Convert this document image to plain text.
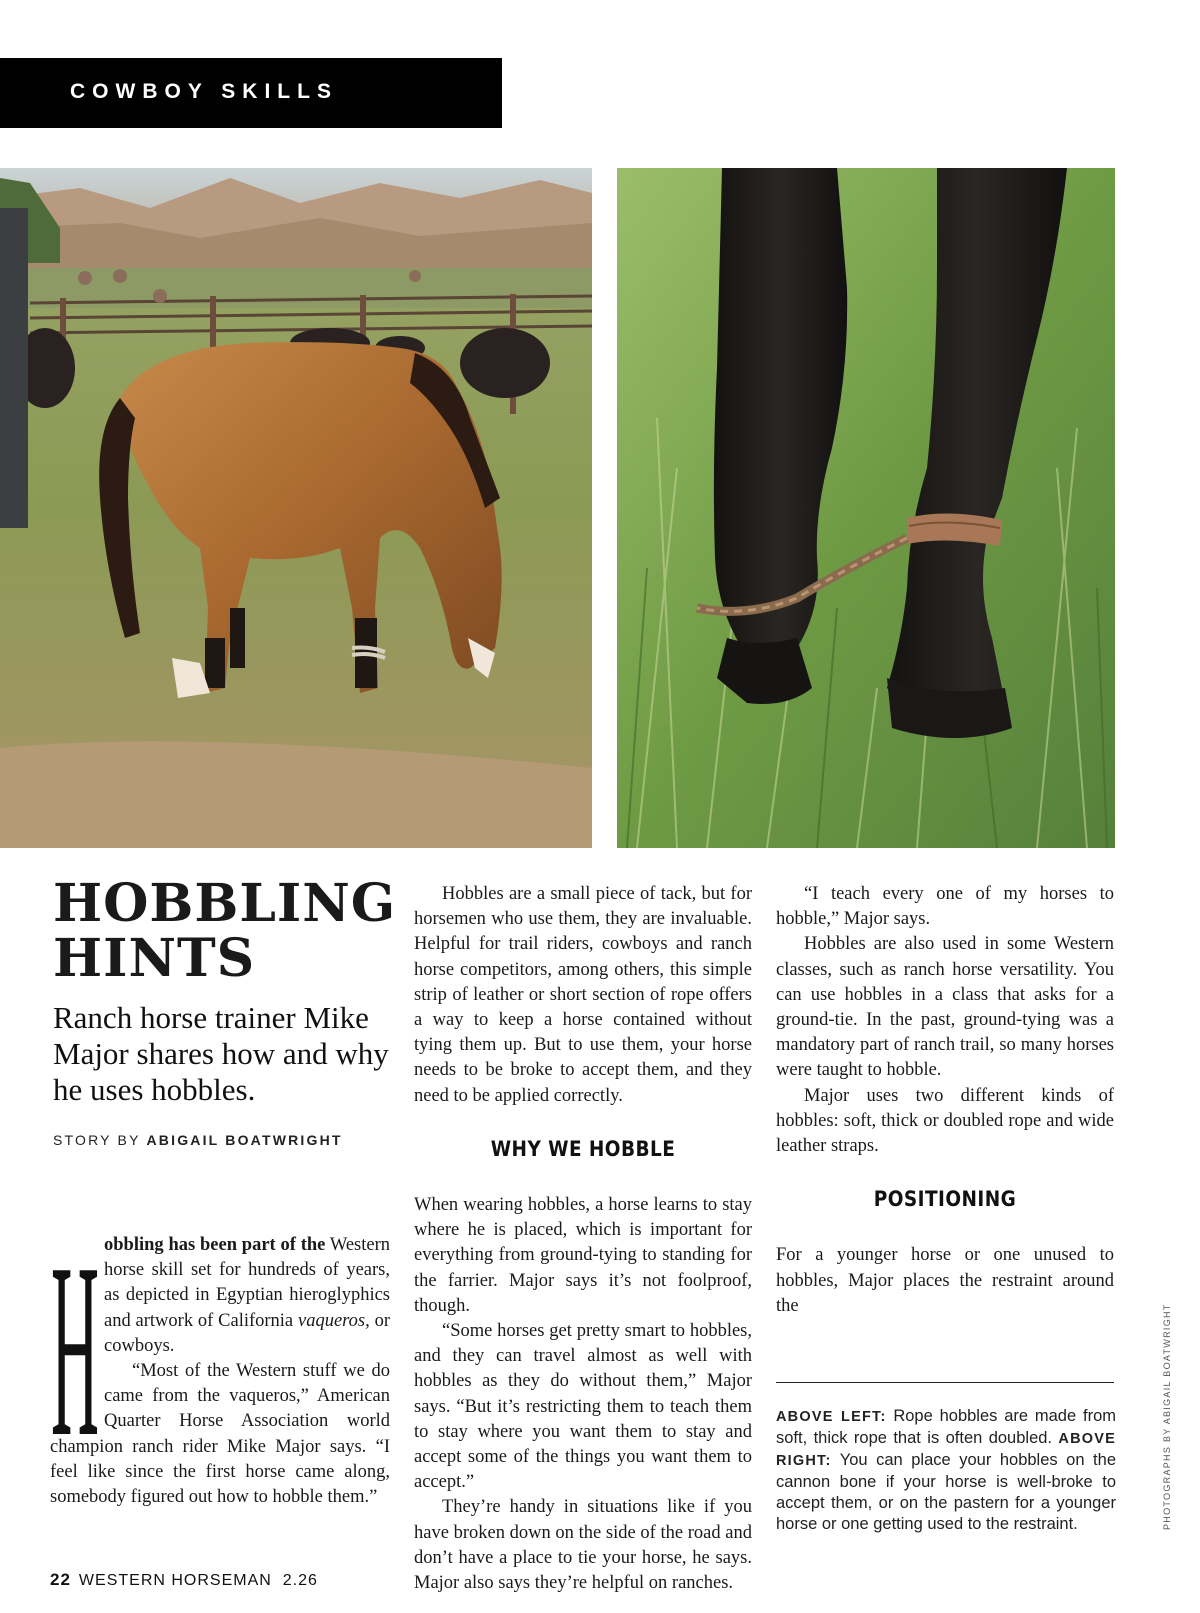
COWBOY SKILLS
HOBBLING
HINTS
Ranch horse trainer Mike Major shares how and why he uses hobbles.
STORY BY ABIGAIL BOATWRIGHT
H obbling has been part of the Western horse skill set for hundreds of years, as depicted in Egyptian hieroglyphics and artwork of California vaqueros, or cowboys.

“Most of the Western stuff we do came from the vaqueros,” American Quarter Horse Association world champion ranch rider Mike Major says. “I feel like since the first horse came along, somebody figured out how to hobble them.”

Hobbles are a small piece of tack, but for horsemen who use them, they are invaluable. Helpful for trail riders, cowboys and ranch horse competitors, among others, this simple strip of leather or short section of rope offers a way to keep a horse contained without tying them up. But to use them, your horse needs to be broke to accept them, and they need to be applied correctly.

WHY WE HOBBLE

When wearing hobbles, a horse learns to stay where he is placed, which is important for everything from ground-tying to standing for the farrier. Major says it’s not foolproof, though.

“Some horses get pretty smart to hobbles, and they can travel almost as well with hobbles as they do without them,” Major says. “But it’s restricting them to teach them to stay where you want them to stay and accept some of the things you want them to accept.”

They’re handy in situations like if you have broken down on the side of the road and don’t have a place to tie your horse, he says. Major also says they’re helpful on ranches.

“I teach every one of my horses to hobble,” Major says.

Hobbles are also used in some Western classes, such as ranch horse versatility. You can use hobbles in a class that asks for a ground-tie. In the past, ground-tying was a mandatory part of ranch trail, so many horses were taught to hobble.

Major uses two different kinds of hobbles: soft, thick or doubled rope and wide leather straps.

POSITIONING

For a younger horse or one unused to hobbles, Major places the restraint around the

ABOVE LEFT: Rope hobbles are made from soft, thick rope that is often doubled. ABOVE RIGHT: You can place your hobbles on the cannon bone if your horse is well-broke to accept them, or on the pastern for a younger horse or one getting used to the restraint.	PHOTOGRAPHS BY ABIGAIL BOATWRIGHT
22 WESTERN HORSEMAN 2.26
